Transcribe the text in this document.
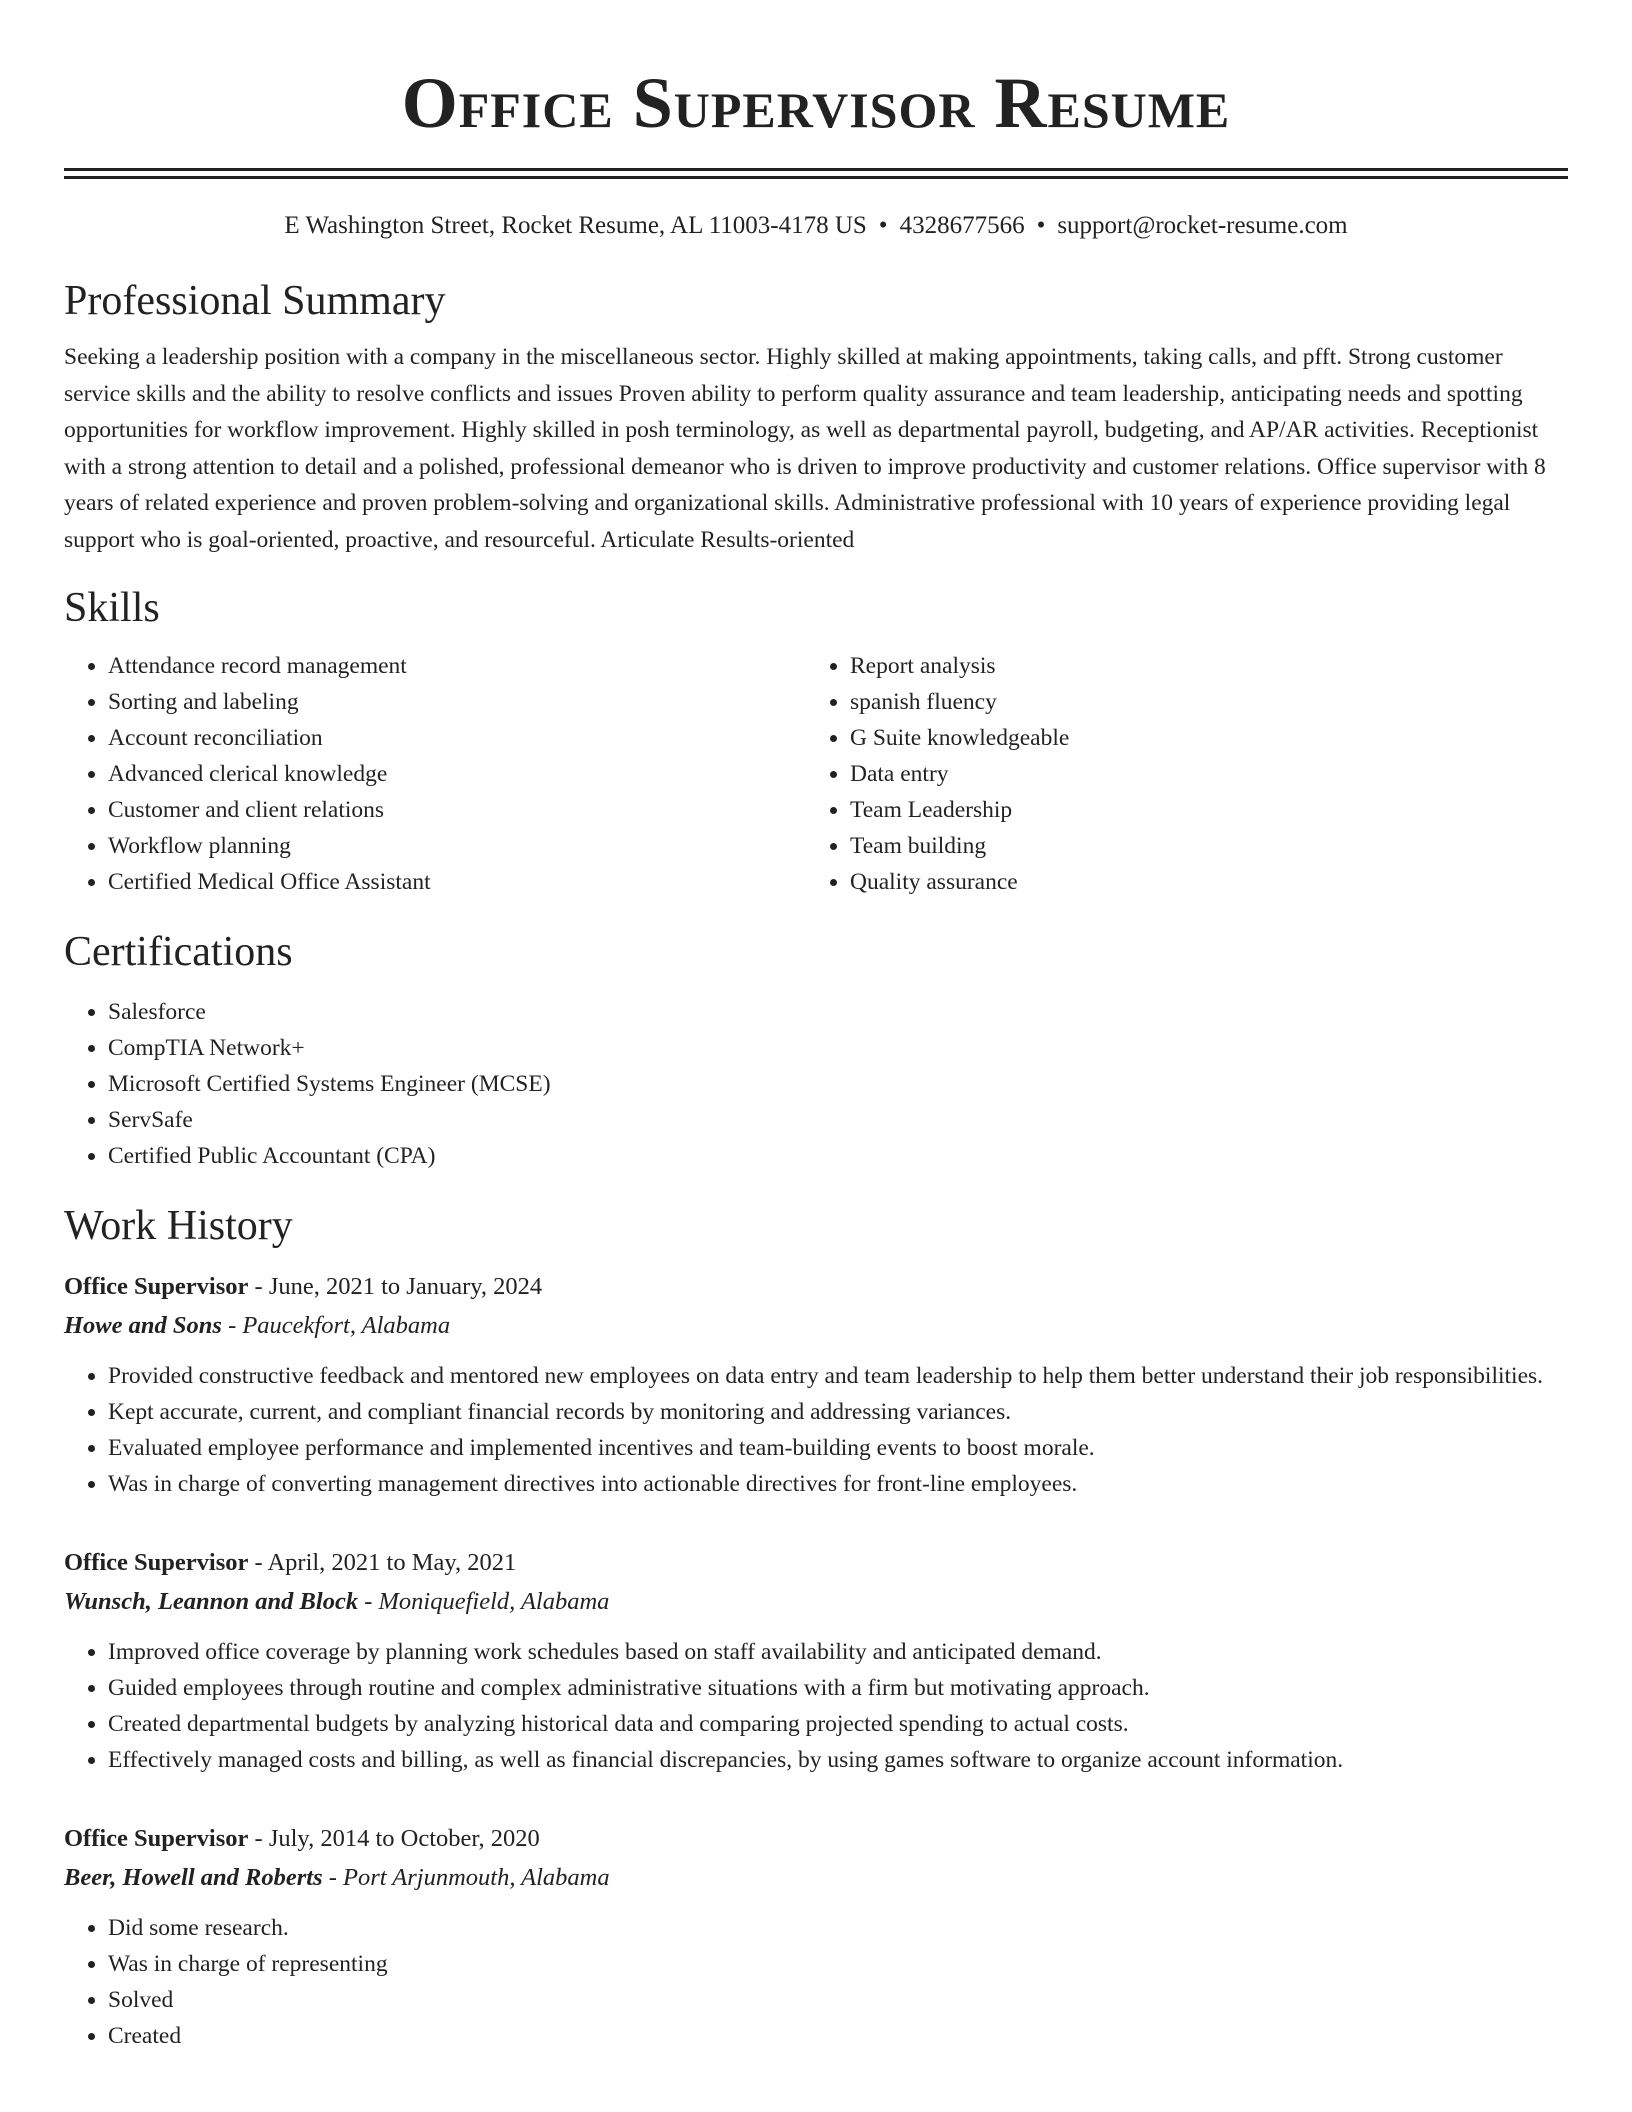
Office Supervisor Resume
E Washington Street, Rocket Resume, AL 11003-4178 US • 4328677566 • support@rocket-resume.com
Professional Summary
Seeking a leadership position with a company in the miscellaneous sector. Highly skilled at making appointments, taking calls, and pfft. Strong customer service skills and the ability to resolve conflicts and issues Proven ability to perform quality assurance and team leadership, anticipating needs and spotting opportunities for workflow improvement. Highly skilled in posh terminology, as well as departmental payroll, budgeting, and AP/AR activities. Receptionist with a strong attention to detail and a polished, professional demeanor who is driven to improve productivity and customer relations. Office supervisor with 8 years of related experience and proven problem-solving and organizational skills. Administrative professional with 10 years of experience providing legal support who is goal-oriented, proactive, and resourceful. Articulate Results-oriented
Skills
• Attendance record management
• Sorting and labeling
• Account reconciliation
• Advanced clerical knowledge
• Customer and client relations
• Workflow planning
• Certified Medical Office Assistant
• Report analysis
• spanish fluency
• G Suite knowledgeable
• Data entry
• Team Leadership
• Team building
• Quality assurance
Certifications
• Salesforce
• CompTIA Network+
• Microsoft Certified Systems Engineer (MCSE)
• ServSafe
• Certified Public Accountant (CPA)
Work History
Office Supervisor - June, 2021 to January, 2024
Howe and Sons - Paucekfort, Alabama
• Provided constructive feedback and mentored new employees on data entry and team leadership to help them better understand their job responsibilities.
• Kept accurate, current, and compliant financial records by monitoring and addressing variances.
• Evaluated employee performance and implemented incentives and team-building events to boost morale.
• Was in charge of converting management directives into actionable directives for front-line employees.
Office Supervisor - April, 2021 to May, 2021
Wunsch, Leannon and Block - Moniquefield, Alabama
• Improved office coverage by planning work schedules based on staff availability and anticipated demand.
• Guided employees through routine and complex administrative situations with a firm but motivating approach.
• Created departmental budgets by analyzing historical data and comparing projected spending to actual costs.
• Effectively managed costs and billing, as well as financial discrepancies, by using games software to organize account information.
Office Supervisor - July, 2014 to October, 2020
Beer, Howell and Roberts - Port Arjunmouth, Alabama
• Did some research.
• Was in charge of representing
• Solved
• Created
